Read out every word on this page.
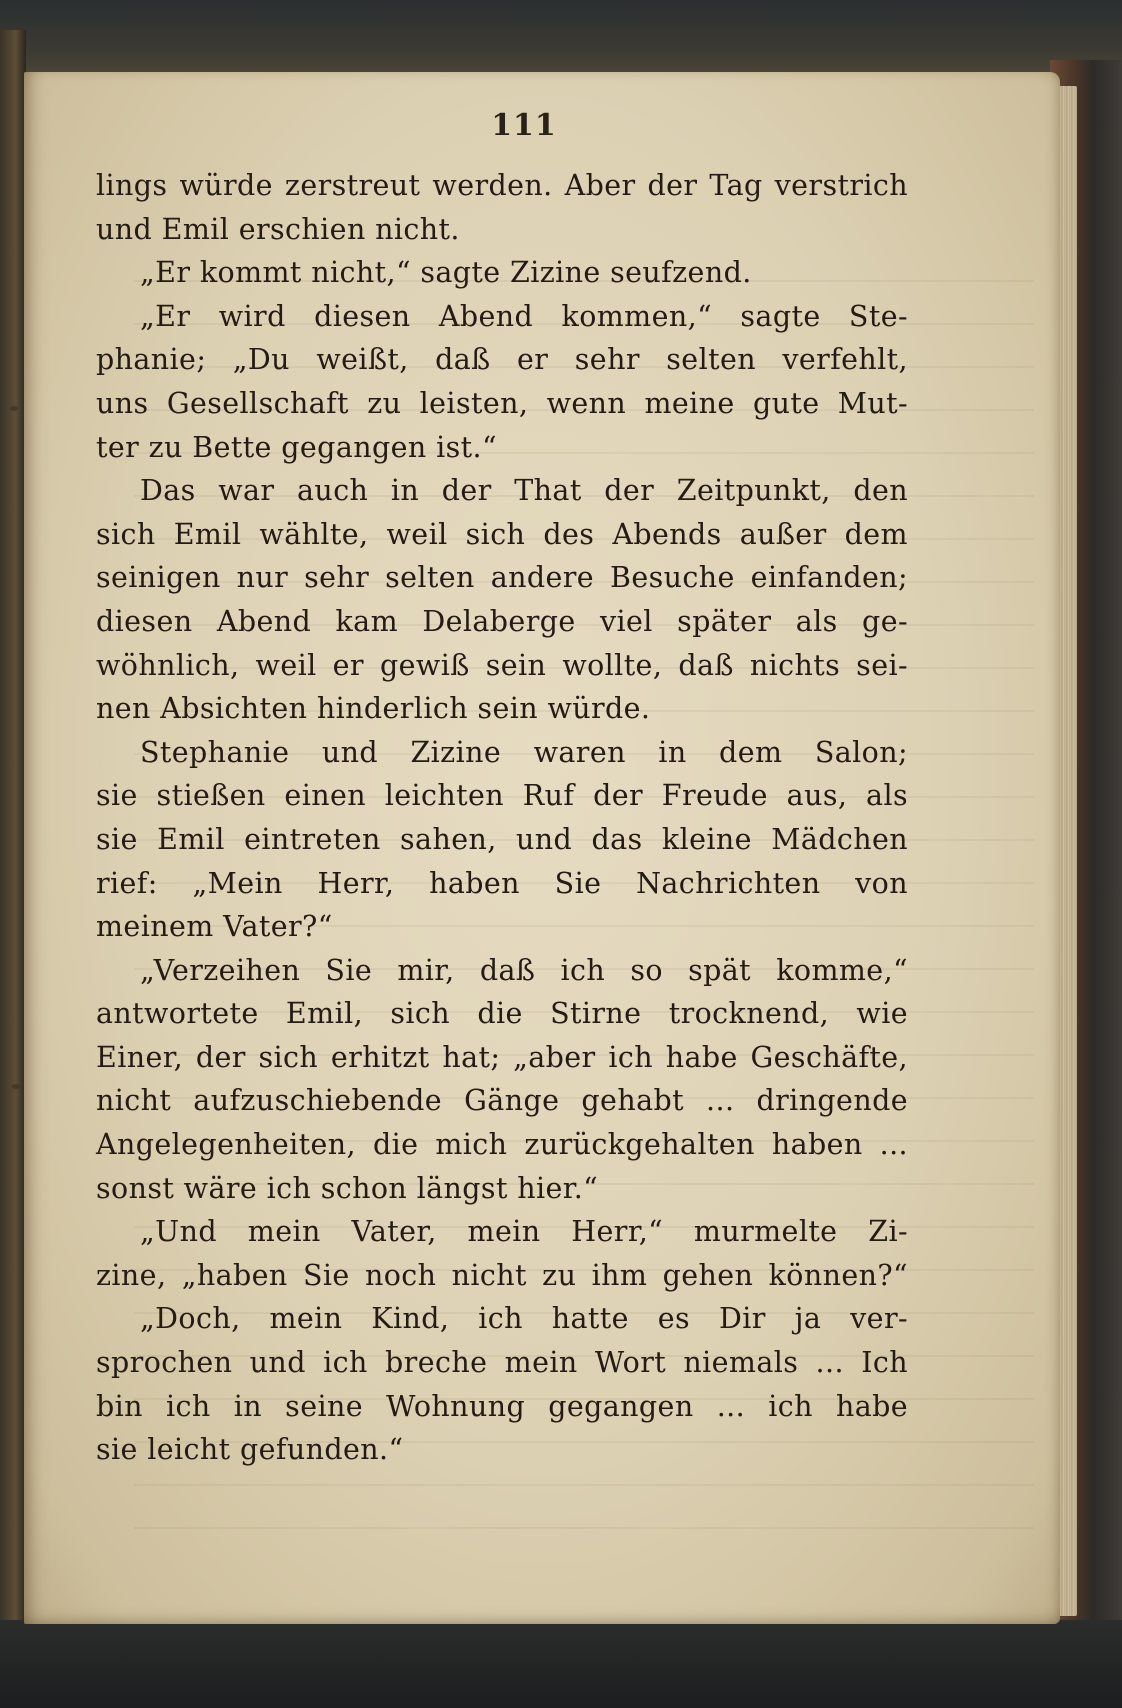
111
lings würde zerstreut werden. Aber der Tag verstrich
und Emil erschien nicht.
„Er kommt nicht,“ sagte Zizine seufzend.
„Er wird diesen Abend kommen,“ sagte Ste-
phanie; „Du weißt, daß er sehr selten verfehlt,
uns Gesellschaft zu leisten, wenn meine gute Mut-
ter zu Bette gegangen ist.“
Das war auch in der That der Zeitpunkt, den
sich Emil wählte, weil sich des Abends außer dem
seinigen nur sehr selten andere Besuche einfanden;
diesen Abend kam Delaberge viel später als ge-
wöhnlich, weil er gewiß sein wollte, daß nichts sei-
nen Absichten hinderlich sein würde.
Stephanie und Zizine waren in dem Salon;
sie stießen einen leichten Ruf der Freude aus, als
sie Emil eintreten sahen, und das kleine Mädchen
rief: „Mein Herr, haben Sie Nachrichten von
meinem Vater?“
„Verzeihen Sie mir, daß ich so spät komme,“
antwortete Emil, sich die Stirne trocknend, wie
Einer, der sich erhitzt hat; „aber ich habe Geschäfte,
nicht aufzuschiebende Gänge gehabt ... dringende
Angelegenheiten, die mich zurückgehalten haben ...
sonst wäre ich schon längst hier.“
„Und mein Vater, mein Herr,“ murmelte Zi-
zine, „haben Sie noch nicht zu ihm gehen können?“
„Doch, mein Kind, ich hatte es Dir ja ver-
sprochen und ich breche mein Wort niemals ... Ich
bin ich in seine Wohnung gegangen ... ich habe
sie leicht gefunden.“
